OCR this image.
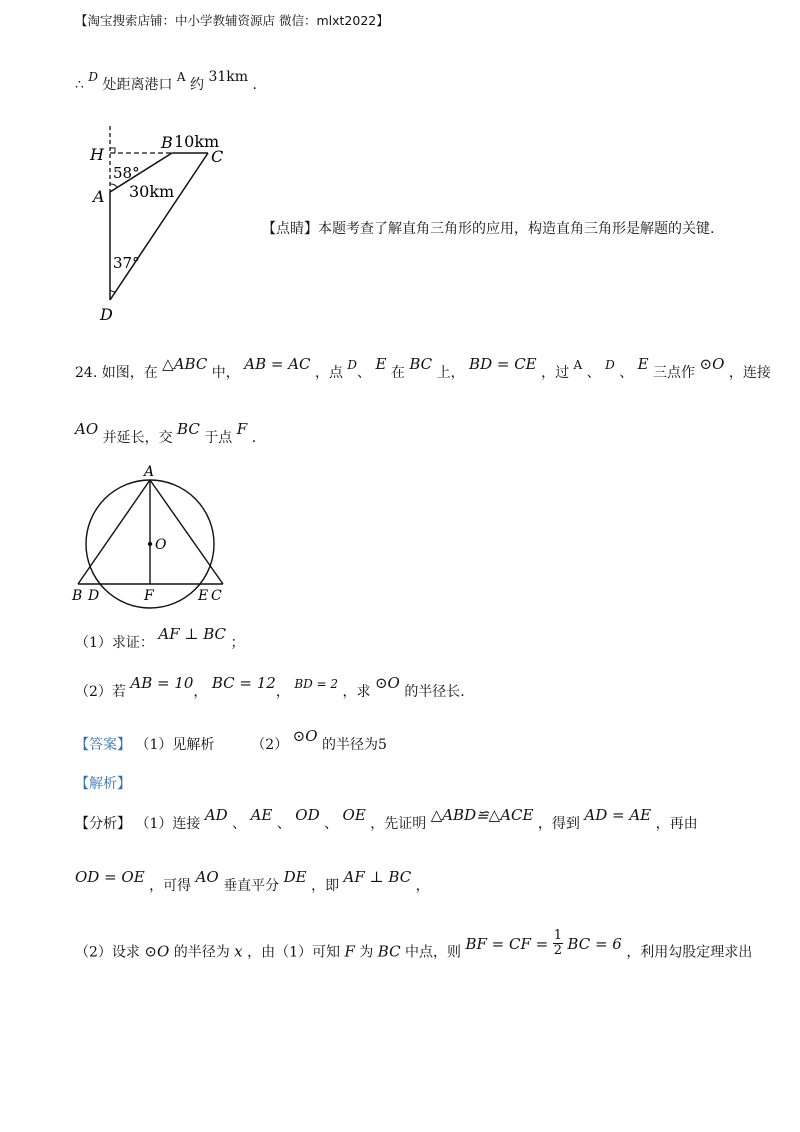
【淘宝搜索店铺：中小学教辅资源店 微信：mlxt2022】
∴ D 处距离港口 A 约 31km .
H
B 10km
C
58°
A 30km
37°
D
【点睛】本题考查了解直角三角形的应用，构造直角三角形是解题的关键.
24. 如图，在 △ABC 中， AB = AC ，点 D、 E 在 BC 上， BD = CE ，过 A 、 D 、 E 三点作 ⊙O ，连接
AO 并延长，交 BC 于点 F .
A
O
B D	F	E C
（1）求证： AF ⊥ BC ；
（2）若 AB = 10， BC = 12， BD = 2 ，求 ⊙O 的半径长.
【答案】 （1）见解析	（2） ⊙O 的半径为5
【解析】
【分析】 （1）连接 AD 、 AE 、 OD 、 OE ，先证明 △ABD≌△ACE ，得到 AD = AE ，再由
OD = OE ，可得 AO 垂直平分 DE ，即 AF ⊥ BC ，
（2）设求 ⊙O 的半径为 x ，由（1）可知 F 为 BC 中点，则 BF = CF = $\frac{1}{2}$ BC = 6 ，利用勾股定理求出
